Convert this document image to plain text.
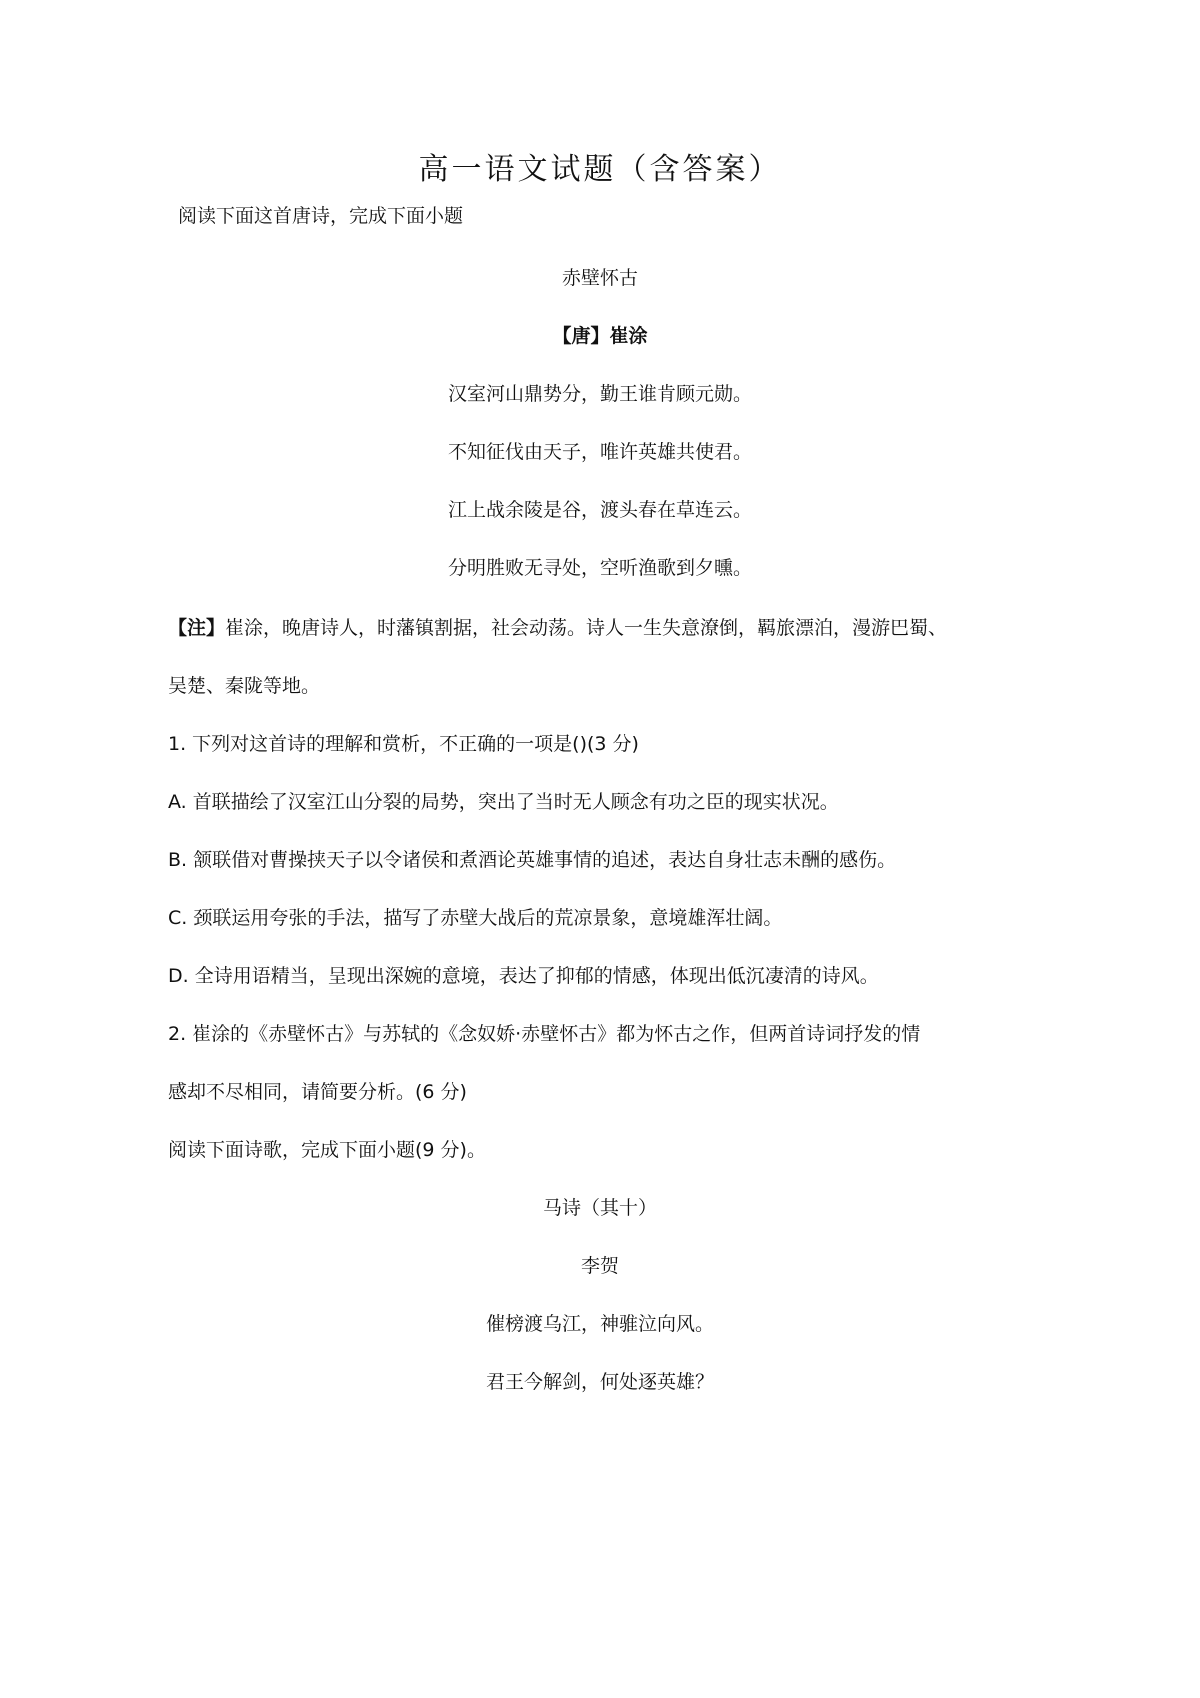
高一语文试题（含答案）
阅读下面这首唐诗，完成下面小题
赤壁怀古
【唐】崔涂
汉室河山鼎势分，勤王谁肯顾元勋。
不知征伐由天子，唯许英雄共使君。
江上战余陵是谷，渡头春在草连云。
分明胜败无寻处，空听渔歌到夕曛。
【注】崔涂，晚唐诗人，时藩镇割据，社会动荡。诗人一生失意潦倒，羁旅漂泊，漫游巴蜀、
吴楚、秦陇等地。
1. 下列对这首诗的理解和赏析，不正确的一项是()(3 分)
A. 首联描绘了汉室江山分裂的局势，突出了当时无人顾念有功之臣的现实状况。
B. 颔联借对曹操挟天子以令诸侯和煮酒论英雄事情的追述，表达自身壮志未酬的感伤。
C. 颈联运用夸张的手法，描写了赤壁大战后的荒凉景象，意境雄浑壮阔。
D. 全诗用语精当，呈现出深婉的意境，表达了抑郁的情感，体现出低沉凄清的诗风。
2. 崔涂的《赤壁怀古》与苏轼的《念奴娇·赤壁怀古》都为怀古之作，但两首诗词抒发的情
感却不尽相同，请简要分析。(6 分)
阅读下面诗歌，完成下面小题(9 分)。
马诗（其十）
李贺
催榜渡乌江，神骓泣向风。
君王今解剑，何处逐英雄？
